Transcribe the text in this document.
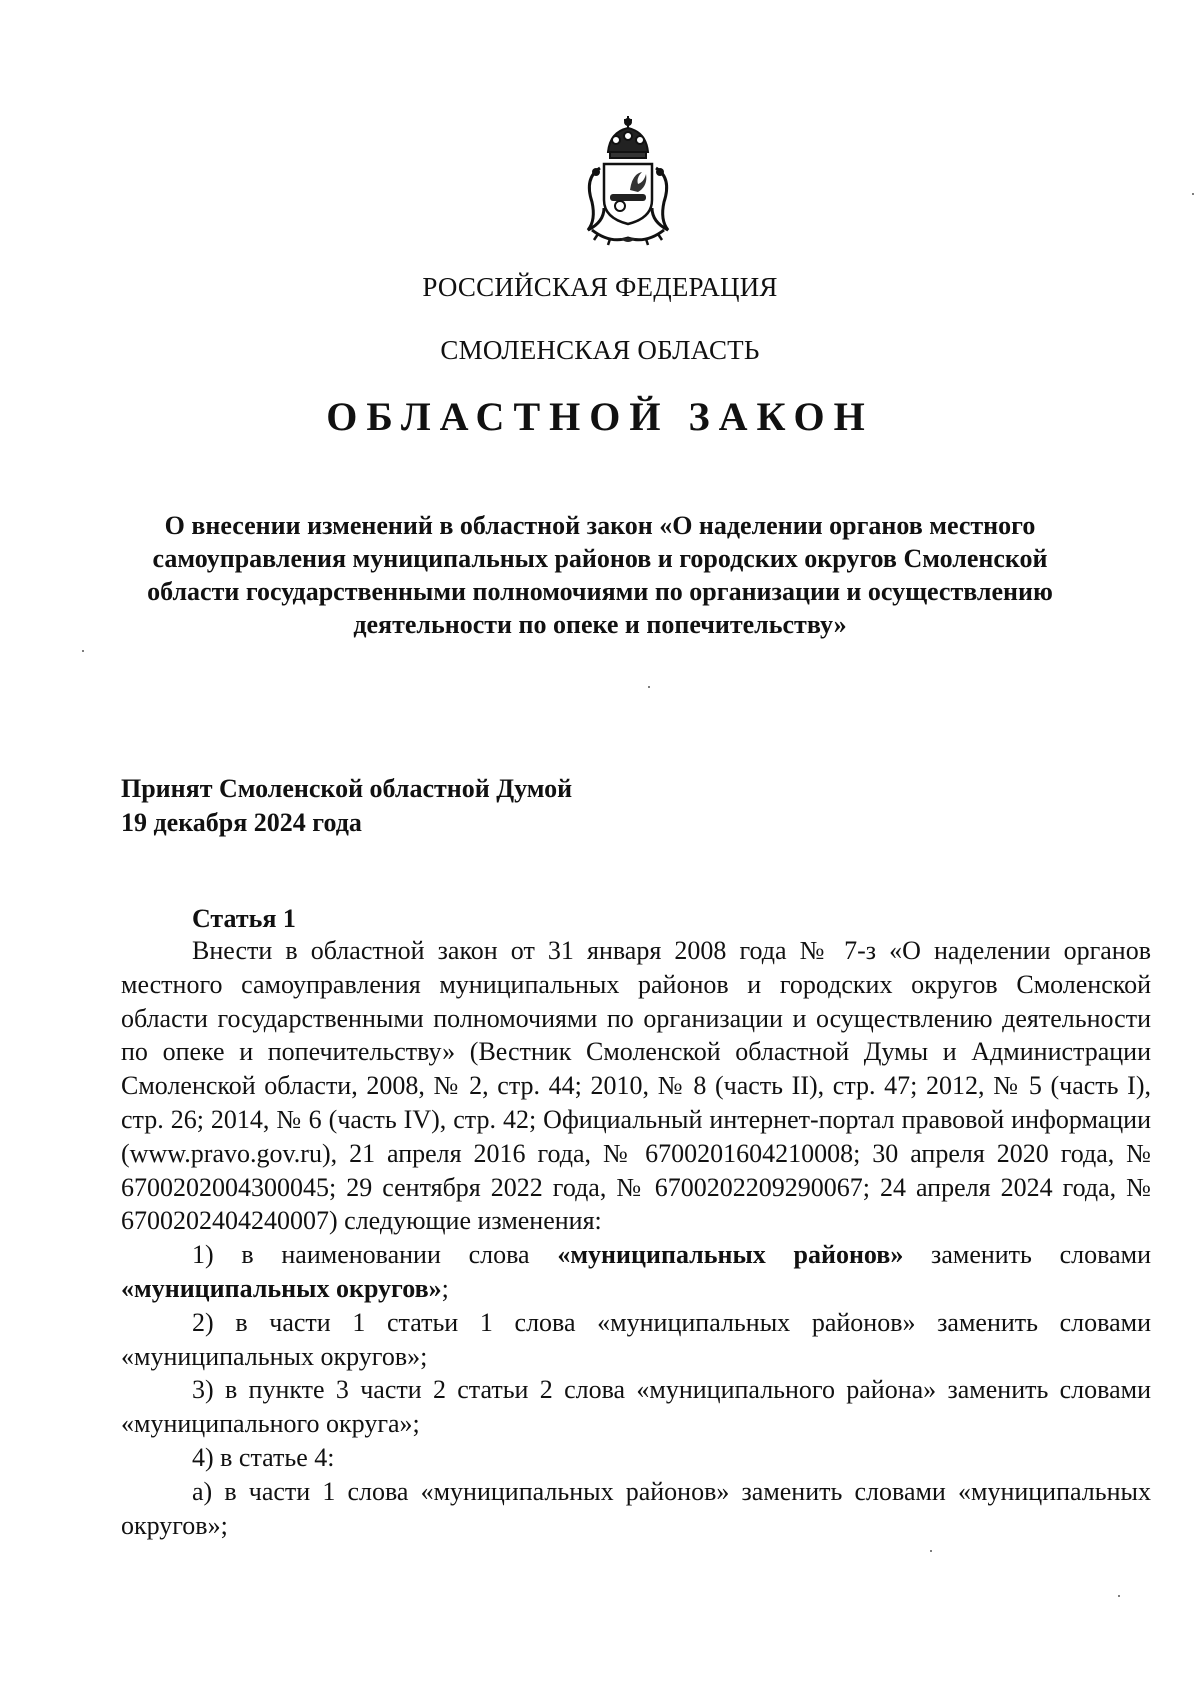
РОССИЙСКАЯ ФЕДЕРАЦИЯ
СМОЛЕНСКАЯ ОБЛАСТЬ
ОБЛАСТНОЙ ЗАКОН
О внесении изменений в областной закон «О наделении органов местного самоуправления муниципальных районов и городских округов Смоленской области государственными полномочиями по организации и осуществлению деятельности по опеке и попечительству»
Принят Смоленской областной Думой
19 декабря 2024 года
Статья 1

Внести в областной закон от 31 января 2008 года № 7-з «О наделении органов местного самоуправления муниципальных районов и городских округов Смоленской области государственными полномочиями по организации и осуществлению деятельности по опеке и попечительству» (Вестник Смоленской областной Думы и Администрации Смоленской области, 2008, № 2, стр. 44; 2010, № 8 (часть II), стр. 47; 2012, № 5 (часть I), стр. 26; 2014, № 6 (часть IV), стр. 42; Официальный интернет-портал правовой информации (www.pravo.gov.ru), 21 апреля 2016 года, № 6700201604210008; 30 апреля 2020 года, № 6700202004300045; 29 сентября 2022 года, № 6700202209290067; 24 апреля 2024 года, № 6700202404240007) следующие изменения:

1) в наименовании слова «муниципальных районов» заменить словами «муниципальных округов»;

2) в части 1 статьи 1 слова «муниципальных районов» заменить словами «муниципальных округов»;

3) в пункте 3 части 2 статьи 2 слова «муниципального района» заменить словами «муниципального округа»;

4) в статье 4:

а) в части 1 слова «муниципальных районов» заменить словами «муниципальных округов»;
